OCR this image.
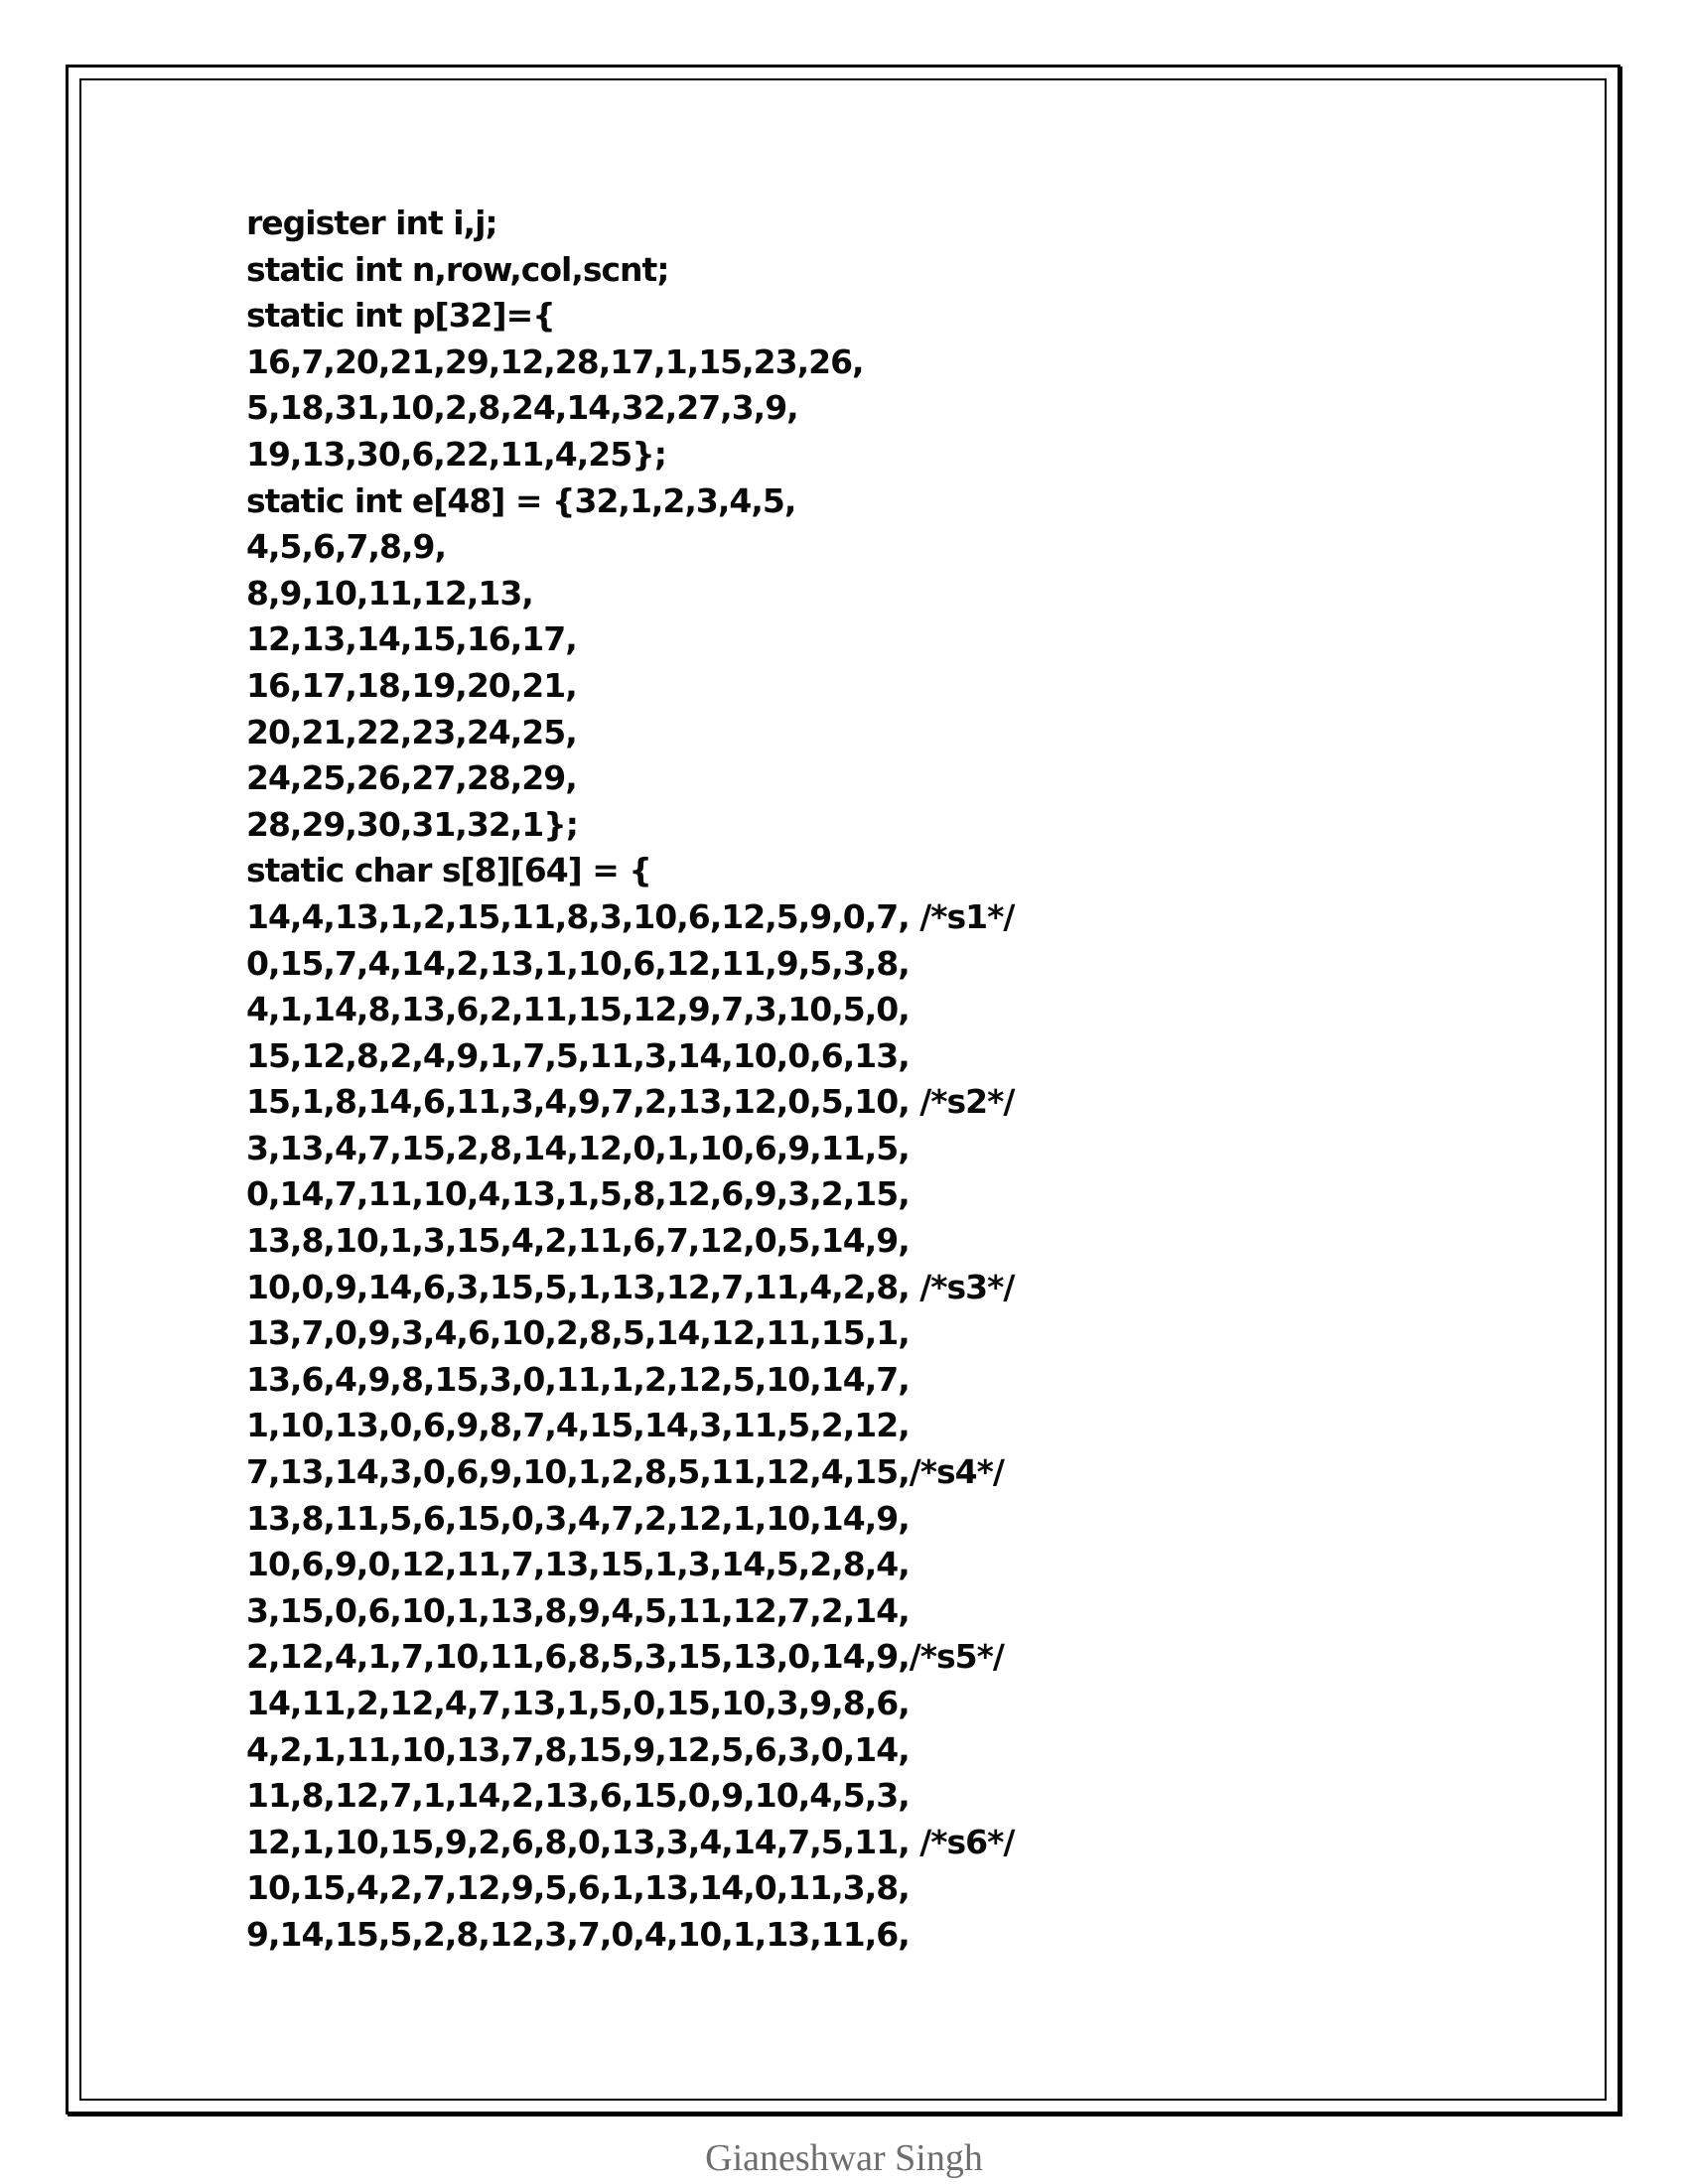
register int i,j;
static int n,row,col,scnt;
static int p[32]={
16,7,20,21,29,12,28,17,1,15,23,26,
5,18,31,10,2,8,24,14,32,27,3,9,
19,13,30,6,22,11,4,25};
static int e[48] = {32,1,2,3,4,5,
4,5,6,7,8,9,
8,9,10,11,12,13,
12,13,14,15,16,17,
16,17,18,19,20,21,
20,21,22,23,24,25,
24,25,26,27,28,29,
28,29,30,31,32,1};
static char s[8][64] = {
14,4,13,1,2,15,11,8,3,10,6,12,5,9,0,7, /*s1*/
0,15,7,4,14,2,13,1,10,6,12,11,9,5,3,8,
4,1,14,8,13,6,2,11,15,12,9,7,3,10,5,0,
15,12,8,2,4,9,1,7,5,11,3,14,10,0,6,13,
15,1,8,14,6,11,3,4,9,7,2,13,12,0,5,10, /*s2*/
3,13,4,7,15,2,8,14,12,0,1,10,6,9,11,5,
0,14,7,11,10,4,13,1,5,8,12,6,9,3,2,15,
13,8,10,1,3,15,4,2,11,6,7,12,0,5,14,9,
10,0,9,14,6,3,15,5,1,13,12,7,11,4,2,8, /*s3*/
13,7,0,9,3,4,6,10,2,8,5,14,12,11,15,1,
13,6,4,9,8,15,3,0,11,1,2,12,5,10,14,7,
1,10,13,0,6,9,8,7,4,15,14,3,11,5,2,12,
7,13,14,3,0,6,9,10,1,2,8,5,11,12,4,15,/*s4*/
13,8,11,5,6,15,0,3,4,7,2,12,1,10,14,9,
10,6,9,0,12,11,7,13,15,1,3,14,5,2,8,4,
3,15,0,6,10,1,13,8,9,4,5,11,12,7,2,14,
2,12,4,1,7,10,11,6,8,5,3,15,13,0,14,9,/*s5*/
14,11,2,12,4,7,13,1,5,0,15,10,3,9,8,6,
4,2,1,11,10,13,7,8,15,9,12,5,6,3,0,14,
11,8,12,7,1,14,2,13,6,15,0,9,10,4,5,3,
12,1,10,15,9,2,6,8,0,13,3,4,14,7,5,11, /*s6*/
10,15,4,2,7,12,9,5,6,1,13,14,0,11,3,8,
9,14,15,5,2,8,12,3,7,0,4,10,1,13,11,6,
Gianeshwar Singh
